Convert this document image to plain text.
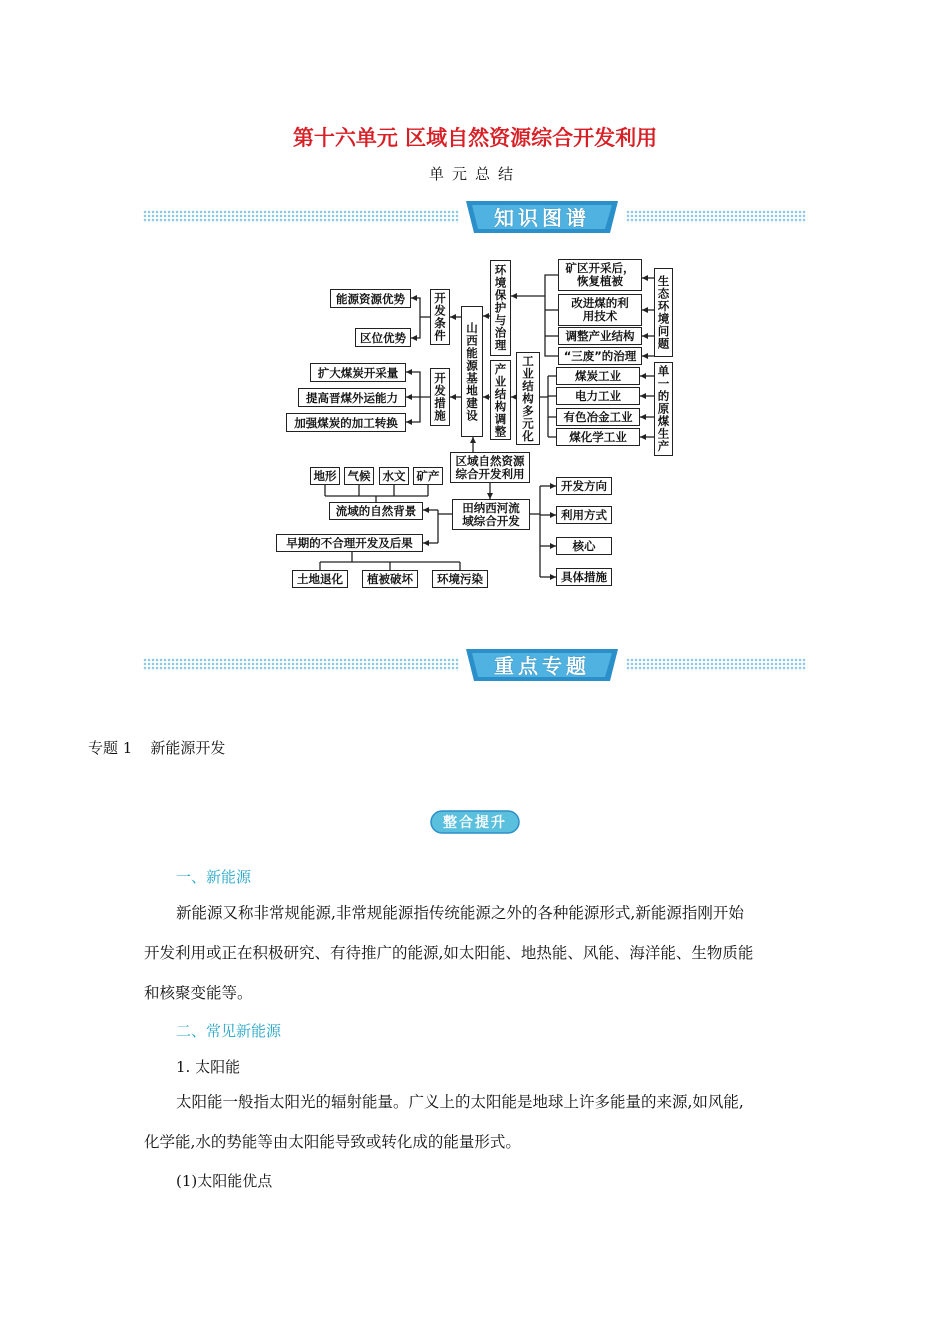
第十六单元 区域自然资源综合开发利用
单元总结
知识图谱
能源资源优势
区位优势	开发条件
扩大煤炭开采量
提高晋煤外运能力
加强煤炭的加工转换
开发措施	山西能源基地建设
环境保护与治理	矿区开采后，恢复植被
改进煤的利用技术
调整产业结构
“三废”的治理
生态环境问题
产业结构调整	工业结构多元化	煤炭工业
电力工业
有色冶金工业
煤化学工业	单一的原煤生产
区域自然资源综合开发利用
田纳西河流域综合开发
开发方向
利用方式
核心
具体措施
地形 气候	水文 矿产
流域的自然背景
早期的不合理开发及后果
土地退化	植被破坏	环境污染
重点专题
专题 1 新能源开发
整合提升
一、新能源
新能源又称非常规能源,非常规能源指传统能源之外的各种能源形式,新能源指刚开始
开发利用或正在积极研究、有待推广的能源,如太阳能、地热能、风能、海洋能、生物质能
和核聚变能等。
二、常见新能源
1. 太阳能
太阳能一般指太阳光的辐射能量。广义上的太阳能是地球上许多能量的来源,如风能,
化学能,水的势能等由太阳能导致或转化成的能量形式。
(1)太阳能优点
